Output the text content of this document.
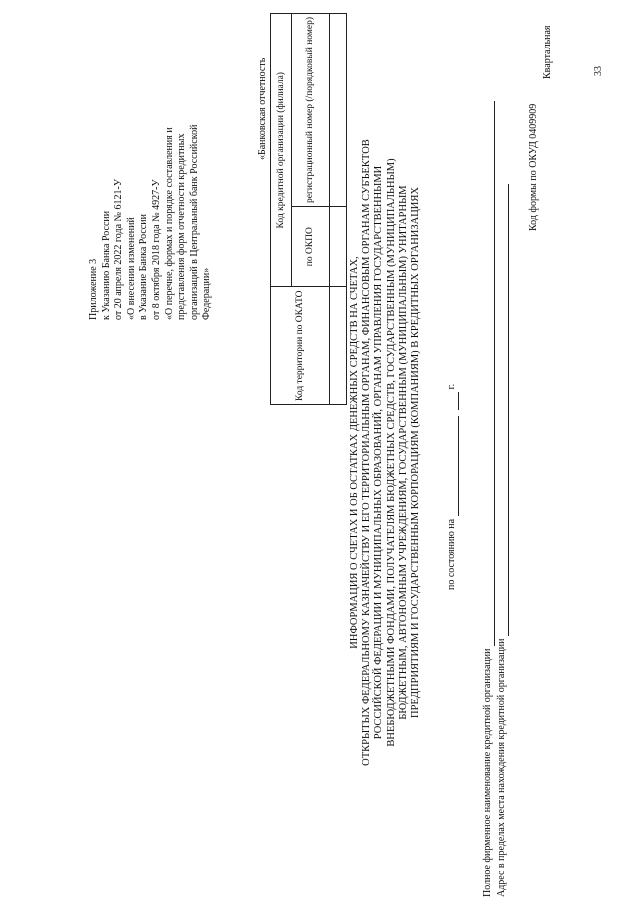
Приложение 3 к Указанию Банка России от 20 апреля 2022 года № 6121-У «О внесении изменений в Указание Банка России от 8 октября 2018 года № 4927-У «О перечне, формах и порядке составления и представления форм отчетности кредитных организаций в Центральный банк Российской Федерации»
«Банковская отчетность
Код территории по ОКАТО	Код кредитной организации (филиала)	
	по ОКПО	регистрационный номер (/порядковый номер)

ИНФОРМАЦИЯ О СЧЕТАХ И ОБ ОСТАТКАХ ДЕНЕЖНЫХ СРЕДСТВ НА СЧЕТАХ, ОТКРЫТЫХ ФЕДЕРАЛЬНОМУ КАЗНАЧЕЙСТВУ И ЕГО ТЕРРИТОРИАЛЬНЫМ ОРГАНАМ, ФИНАНСОВЫМ ОРГАНАМ СУБЪЕКТОВ РОССИЙСКОЙ ФЕДЕРАЦИИ И МУНИЦИПАЛЬНЫХ ОБРАЗОВАНИЙ, ОРГАНАМ УПРАВЛЕНИЯ ГОСУДАРСТВЕННЫМИ ВНЕБЮДЖЕТНЫМИ ФОНДАМИ, ПОЛУЧАТЕЛЯМ БЮДЖЕТНЫХ СРЕДСТВ, ГОСУДАРСТВЕННЫМ (МУНИЦИПАЛЬНЫМ) БЮДЖЕТНЫМ, АВТОНОМНЫМ УЧРЕЖДЕНИЯМ, ГОСУДАРСТВЕННЫМ (МУНИЦИПАЛЬНЫМ) УНИТАРНЫМ ПРЕДПРИЯТИЯМ И ГОСУДАРСТВЕННЫМ КОРПОРАЦИЯМ (КОМПАНИЯМ) В КРЕДИТНЫХ ОРГАНИЗАЦИЯХ по состоянию на   г.
Полное фирменное наименование кредитной организации Адрес в пределах места нахождения кредитной организации
Код формы по ОКУД 0409909
Квартальная	33
